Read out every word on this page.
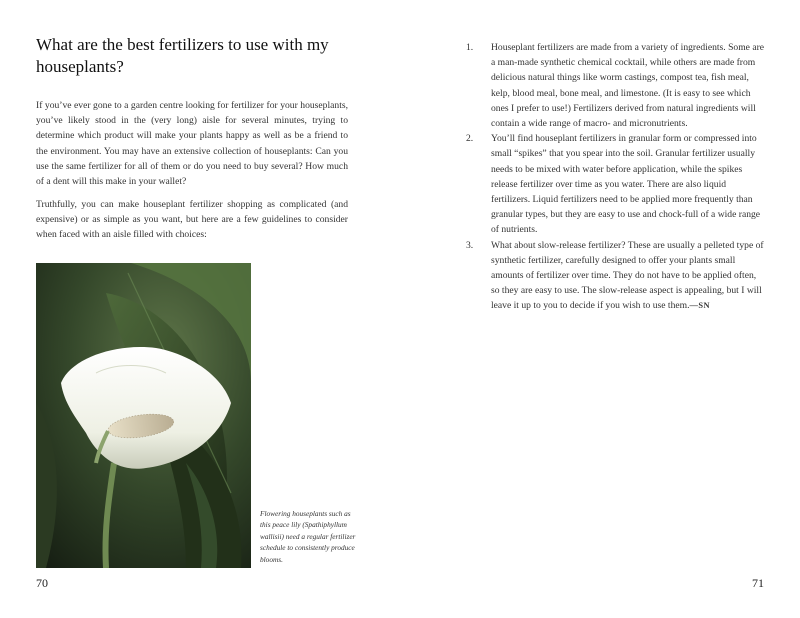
What are the best fertilizers to use with my houseplants?

If you’ve ever gone to a garden centre looking for fertilizer for your houseplants, you’ve likely stood in the (very long) aisle for several minutes, trying to determine which product will make your plants happy as well as be a friend to the environment. You may have an extensive collection of houseplants: Can you use the same fertilizer for all of them or do you need to buy several? How much of a dent will this make in your wallet?

Truthfully, you can make houseplant fertilizer shopping as complicated (and expensive) or as simple as you want, but here are a few guidelines to consider when faced with an aisle filled with choices:

Flowering houseplants such as this peace lily (Spathiphyllum wallisii) need a regular fertilizer schedule to consistently produce blooms.

70
1. Houseplant fertilizers are made from a variety of ingredients. Some are a man-made synthetic chemical cocktail, while others are made from delicious natural things like worm castings, compost tea, fish meal, kelp, blood meal, bone meal, and limestone. (It is easy to see which ones I prefer to use!) Fertilizers derived from natural ingredients will contain a wide range of macro- and micronutrients.
2. You’ll find houseplant fertilizers in granular form or compressed into small “spikes” that you spear into the soil. Granular fertilizer usually needs to be mixed with water before application, while the spikes release fertilizer over time as you water. There are also liquid fertilizers. Liquid fertilizers need to be applied more frequently than granular types, but they are easy to use and chock-full of a wide range of nutrients.
3. What about slow-release fertilizer? These are usually a pelleted type of synthetic fertilizer, carefully designed to offer your plants small amounts of fertilizer over time. They do not have to be applied often, so they are easy to use. The slow-release aspect is appealing, but I will leave it up to you to decide if you wish to use them.—SN
71
